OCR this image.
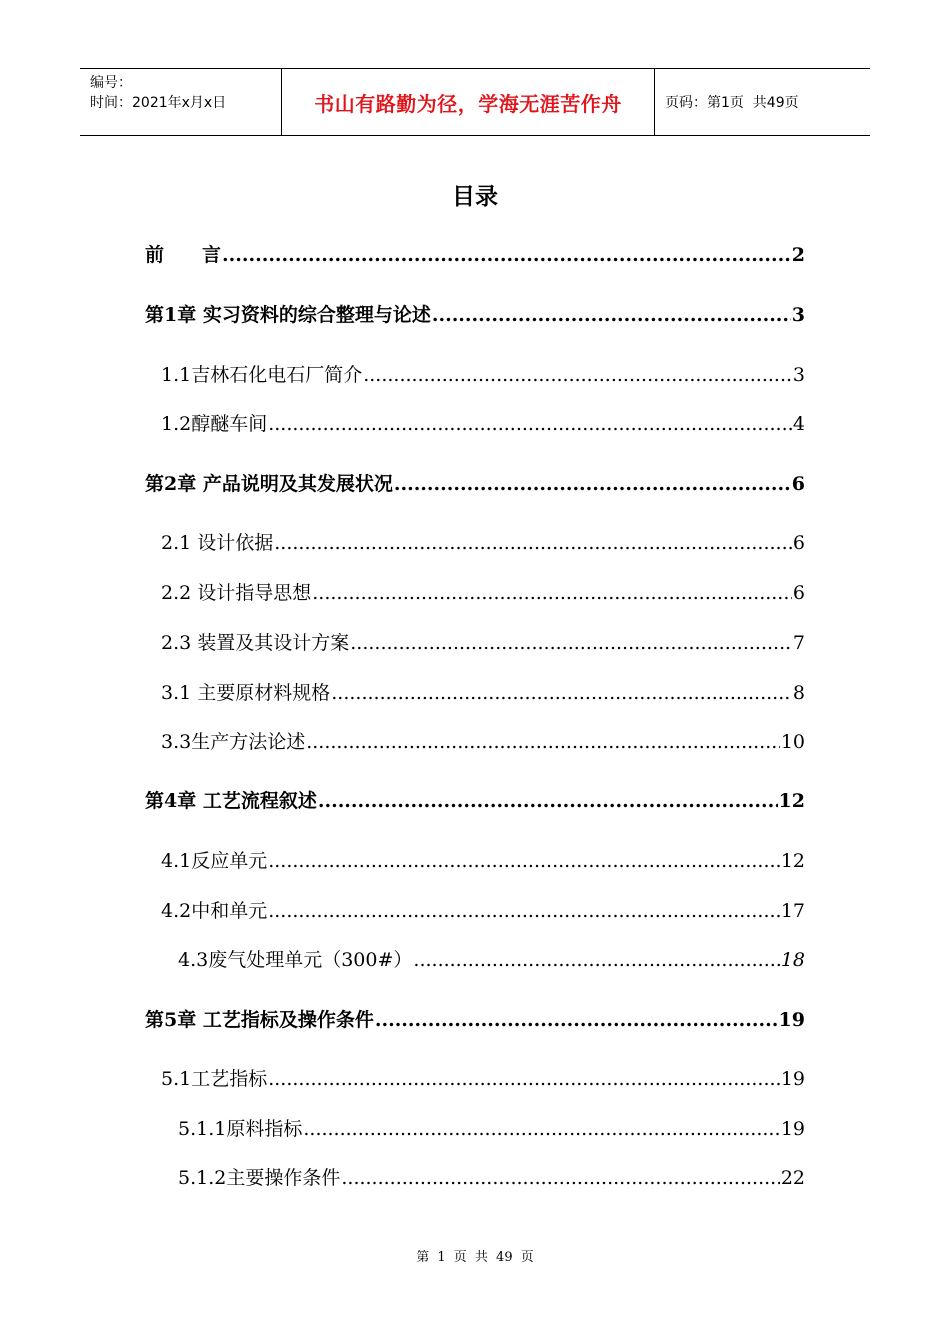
编号：
时间：2021年x月x日	书山有路勤为径，学海无涯苦作舟	页码：第1页  共49页
目录
前　　言 .....	2
第1章 实习资料的综合整理与论述 .....	3
1.1吉林石化电石厂简介 .....	3
1.2醇醚车间 .....	4
第2章 产品说明及其发展状况 .....	6
2.1 设计依据 .....	6
2.2 设计指导思想 .....	6
2.3 装置及其设计方案 .....	7
3.1 主要原材料规格 .....	8
3.3生产方法论述 .....	10
第4章 工艺流程叙述 .....	12
4.1反应单元 .....	12
4.2中和单元 .....	17
4.3废气处理单元（300#） .....	18
第5章 工艺指标及操作条件 .....	19
5.1工艺指标 .....	19
5.1.1原料指标 .....	19
5.1.2主要操作条件 .....	22
第 1 页 共 49 页
